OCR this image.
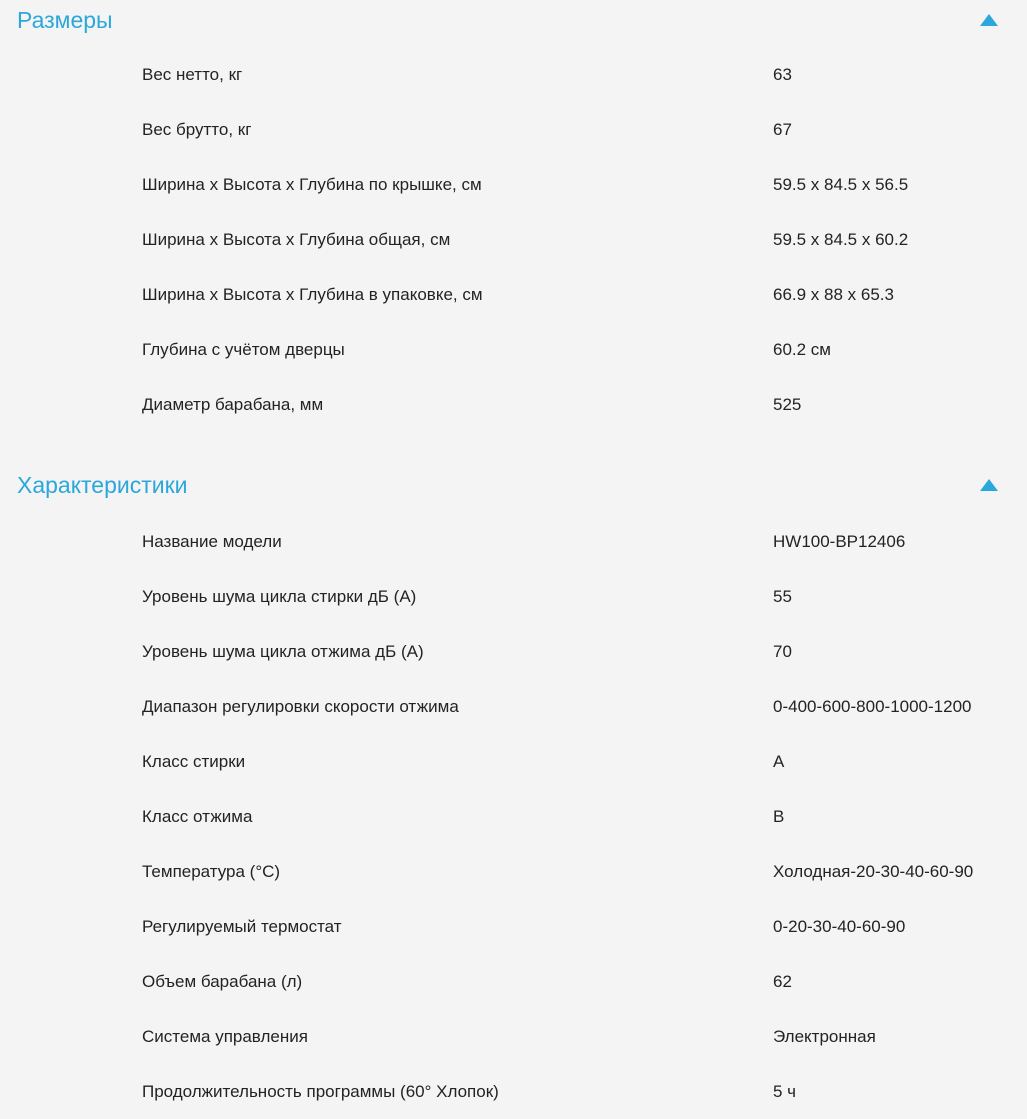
Размеры
Вес нетто, кг	63
Вес брутто, кг	67
Ширина х Высота х Глубина по крышке, см	59.5 x 84.5 x 56.5
Ширина х Высота х Глубина общая, см	59.5 x 84.5 x 60.2
Ширина х Высота х Глубина в упаковке, см	66.9 x 88 x 65.3
Глубина с учётом дверцы	60.2 см
Диаметр барабана, мм	525
Характеристики
Название модели	HW100-BP12406
Уровень шума цикла стирки дБ (А)	55
Уровень шума цикла отжима дБ (А)	70
Диапазон регулировки скорости отжима	0-400-600-800-1000-1200
Класс стирки	A
Класс отжима	B
Температура (°С)	Холодная-20-30-40-60-90
Регулируемый термостат	0-20-30-40-60-90
Объем барабана (л)	62
Система управления	Электронная
Продолжительность программы (60° Хлопок)	5 ч
